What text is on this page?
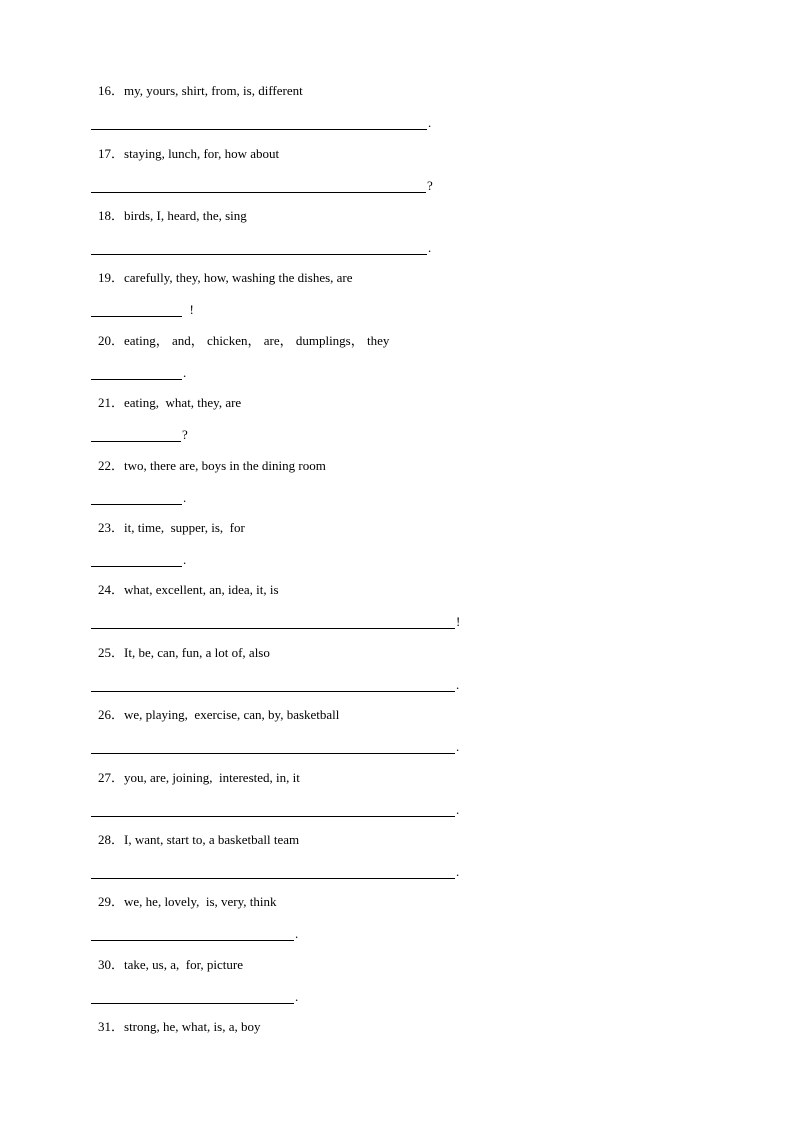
16．my, yours, shirt, from, is, different
.
17．staying, lunch, for, how about
?
18．birds, I, heard, the, sing
.
19．carefully, they, how, washing the dishes, are
!
20．eating， and， chicken， are， dumplings， they
.
21．eating,  what, they, are
?
22．two, there are, boys in the dining room
.
23．it, time,  supper, is,  for
.
24．what, excellent, an, idea, it, is
!
25．It, be, can, fun, a lot of, also
.
26．we, playing,  exercise, can, by, basketball
.
27．you, are, joining,  interested, in, it
.
28．I, want, start to, a basketball team
.
29．we, he, lovely,  is, very, think
.
30．take, us, a,  for, picture
.
31．strong, he, what, is, a, boy
